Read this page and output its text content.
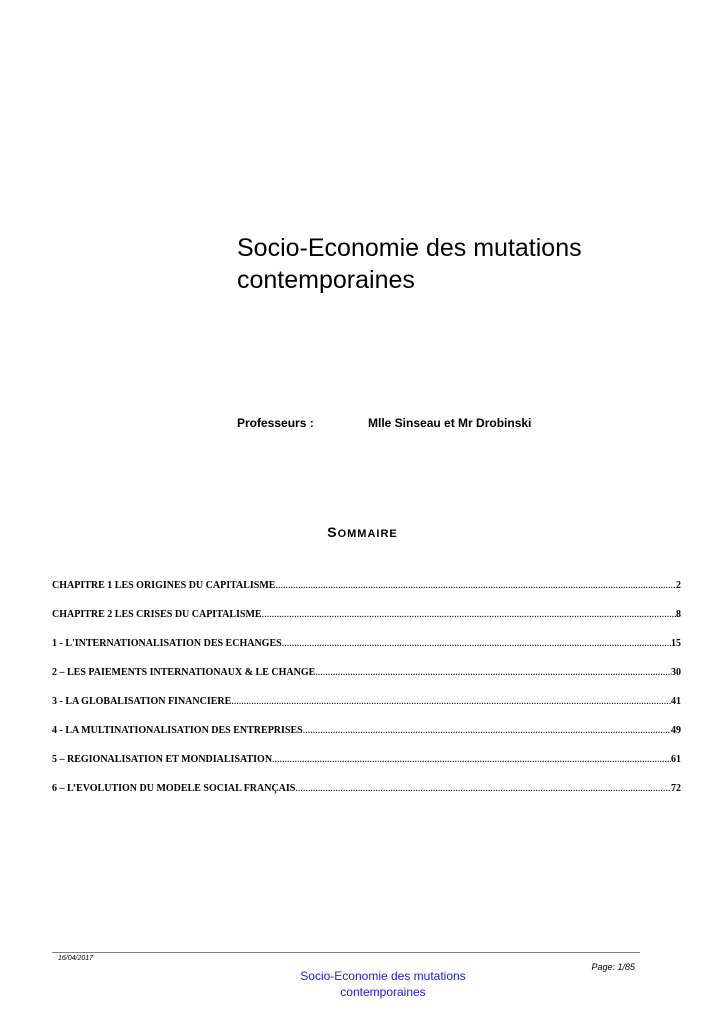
Socio-Economie des mutations
contemporaines
Professeurs :	Mlle Sinseau et Mr Drobinski
SOMMAIRE
CHAPITRE 1 LES ORIGINES DU CAPITALISME .....	2
CHAPITRE 2 LES CRISES DU CAPITALISME .....	8
1 - L'INTERNATIONALISATION DES ECHANGES .....	15
2 – LES PAIEMENTS INTERNATIONAUX & LE CHANGE .....	30
3 - LA GLOBALISATION FINANCIERE .....	41
4 - LA MULTINATIONALISATION DES ENTREPRISES .....	49
5 – REGIONALISATION ET MONDIALISATION .....	61
6 – L’EVOLUTION DU MODELE SOCIAL FRANÇAIS .....	72
16/04/2017
Page: 1/85
Socio-Economie des mutations
contemporaines
